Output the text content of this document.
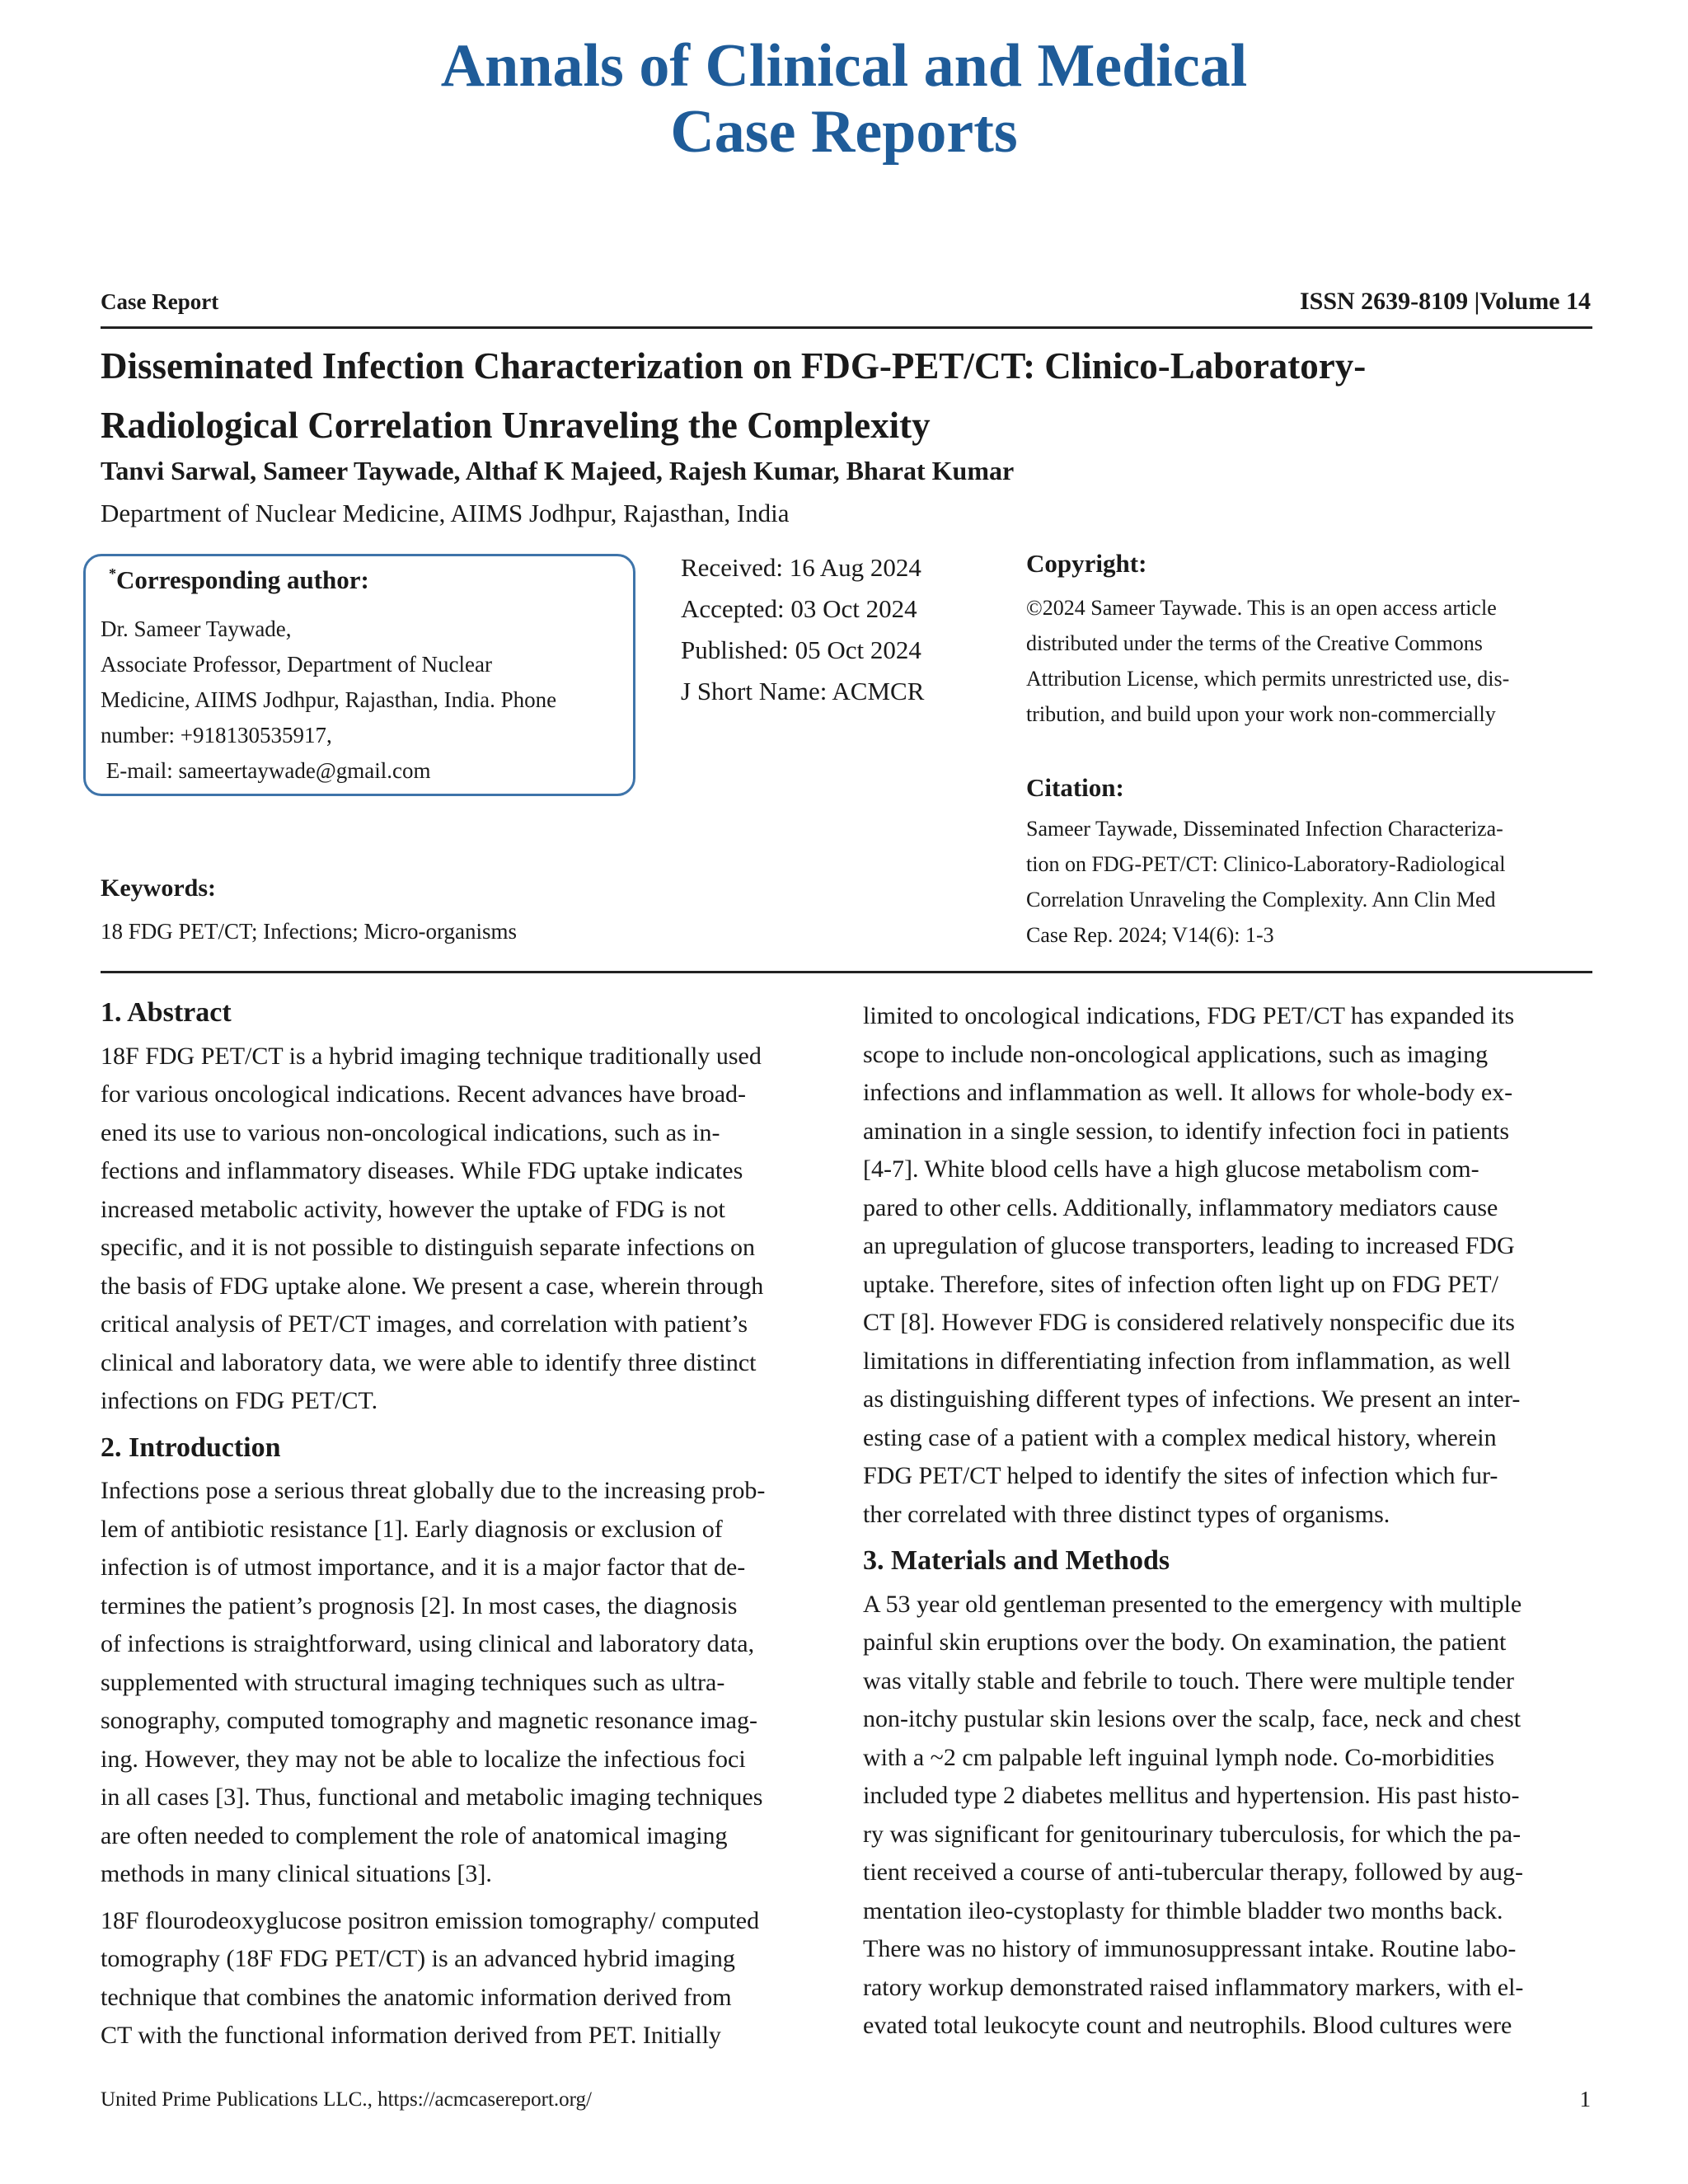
Annals of Clinical and Medical
Case Reports
Case Report	ISSN 2639-8109 |Volume 14
Disseminated Infection Characterization on FDG-PET/CT: Clinico-Laboratory-
Radiological Correlation Unraveling the Complexity
Tanvi Sarwal, Sameer Taywade, Althaf K Majeed, Rajesh Kumar, Bharat Kumar
Department of Nuclear Medicine, AIIMS Jodhpur, Rajasthan, India
*Corresponding author:
Dr. Sameer Taywade,
Associate Professor, Department of Nuclear
Medicine, AIIMS Jodhpur, Rajasthan, India. Phone
number: +918130535917,
E-mail: sameertaywade@gmail.com
Received: 16 Aug 2024
Accepted: 03 Oct 2024
Published: 05 Oct 2024
J Short Name: ACMCR
Copyright:
©2024 Sameer Taywade. This is an open access article
distributed under the terms of the Creative Commons
Attribution License, which permits unrestricted use, dis-
tribution, and build upon your work non-commercially
Citation:
Sameer Taywade, Disseminated Infection Characteriza-
tion on FDG-PET/CT: Clinico-Laboratory-Radiological
Correlation Unraveling the Complexity. Ann Clin Med
Case Rep. 2024; V14(6): 1-3
Keywords:
18 FDG PET/CT; Infections; Micro-organisms
1. Abstract
18F FDG PET/CT is a hybrid imaging technique traditionally used
for various oncological indications. Recent advances have broad-
ened its use to various non-oncological indications, such as in-
fections and inflammatory diseases. While FDG uptake indicates
increased metabolic activity, however the uptake of FDG is not
specific, and it is not possible to distinguish separate infections on
the basis of FDG uptake alone. We present a case, wherein through
critical analysis of PET/CT images, and correlation with patient’s
clinical and laboratory data, we were able to identify three distinct
infections on FDG PET/CT.
2. Introduction
Infections pose a serious threat globally due to the increasing prob-
lem of antibiotic resistance [1]. Early diagnosis or exclusion of
infection is of utmost importance, and it is a major factor that de-
termines the patient’s prognosis [2]. In most cases, the diagnosis
of infections is straightforward, using clinical and laboratory data,
supplemented with structural imaging techniques such as ultra-
sonography, computed tomography and magnetic resonance imag-
ing. However, they may not be able to localize the infectious foci
in all cases [3]. Thus, functional and metabolic imaging techniques
are often needed to complement the role of anatomical imaging
methods in many clinical situations [3].
18F flourodeoxyglucose positron emission tomography/ computed
tomography (18F FDG PET/CT) is an advanced hybrid imaging
technique that combines the anatomic information derived from
CT with the functional information derived from PET. Initially
limited to oncological indications, FDG PET/CT has expanded its
scope to include non-oncological applications, such as imaging
infections and inflammation as well. It allows for whole-body ex-
amination in a single session, to identify infection foci in patients
[4-7]. White blood cells have a high glucose metabolism com-
pared to other cells. Additionally, inflammatory mediators cause
an upregulation of glucose transporters, leading to increased FDG
uptake. Therefore, sites of infection often light up on FDG PET/
CT [8]. However FDG is considered relatively nonspecific due its
limitations in differentiating infection from inflammation, as well
as distinguishing different types of infections. We present an inter-
esting case of a patient with a complex medical history, wherein
FDG PET/CT helped to identify the sites of infection which fur-
ther correlated with three distinct types of organisms.
3. Materials and Methods
A 53 year old gentleman presented to the emergency with multiple
painful skin eruptions over the body. On examination, the patient
was vitally stable and febrile to touch. There were multiple tender
non-itchy pustular skin lesions over the scalp, face, neck and chest
with a ~2 cm palpable left inguinal lymph node. Co-morbidities
included type 2 diabetes mellitus and hypertension. His past histo-
ry was significant for genitourinary tuberculosis, for which the pa-
tient received a course of anti-tubercular therapy, followed by aug-
mentation ileo-cystoplasty for thimble bladder two months back.
There was no history of immunosuppressant intake. Routine labo-
ratory workup demonstrated raised inflammatory markers, with el-
evated total leukocyte count and neutrophils. Blood cultures were
United Prime Publications LLC., https://acmcasereport.org/	1
